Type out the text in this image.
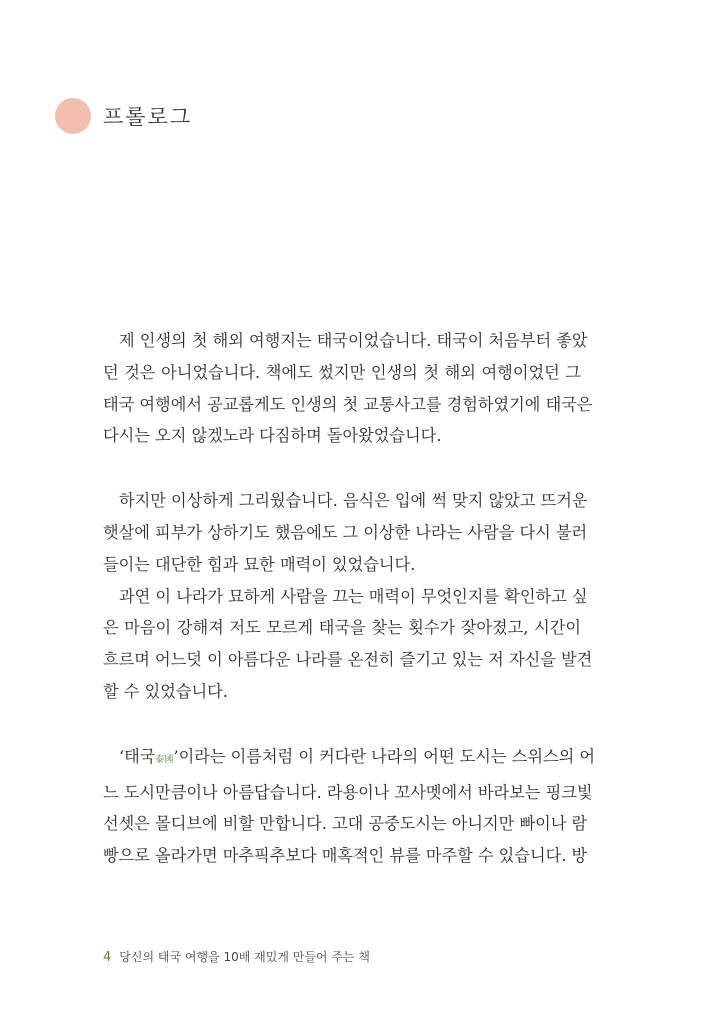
프롤로그

제 인생의 첫 해외 여행지는 태국이었습니다. 태국이 처음부터 좋았
던 것은 아니었습니다. 책에도 썼지만 인생의 첫 해외 여행이었던 그
태국 여행에서 공교롭게도 인생의 첫 교통사고를 경험하였기에 태국은
다시는 오지 않겠노라 다짐하며 돌아왔었습니다.

하지만 이상하게 그리웠습니다. 음식은 입에 썩 맞지 않았고 뜨거운
햇살에 피부가 상하기도 했음에도 그 이상한 나라는 사람을 다시 불러
들이는 대단한 힘과 묘한 매력이 있었습니다.

과연 이 나라가 묘하게 사람을 끄는 매력이 무엇인지를 확인하고 싶
은 마음이 강해져 저도 모르게 태국을 찾는 횟수가 잦아졌고, 시간이
흐르며 어느덧 이 아름다운 나라를 온전히 즐기고 있는 저 자신을 발견
할 수 있었습니다.

‘태국泰國’이라는 이름처럼 이 커다란 나라의 어떤 도시는 스위스의 어
느 도시만큼이나 아름답습니다. 라용이나 꼬사멧에서 바라보는 핑크빛
선셋은 몰디브에 비할 만합니다. 고대 공중도시는 아니지만 빠이나 람
빵으로 올라가면 마추픽추보다 매혹적인 뷰를 마주할 수 있습니다. 방

4 당신의 태국 여행을 10배 재밌게 만들어 주는 책
